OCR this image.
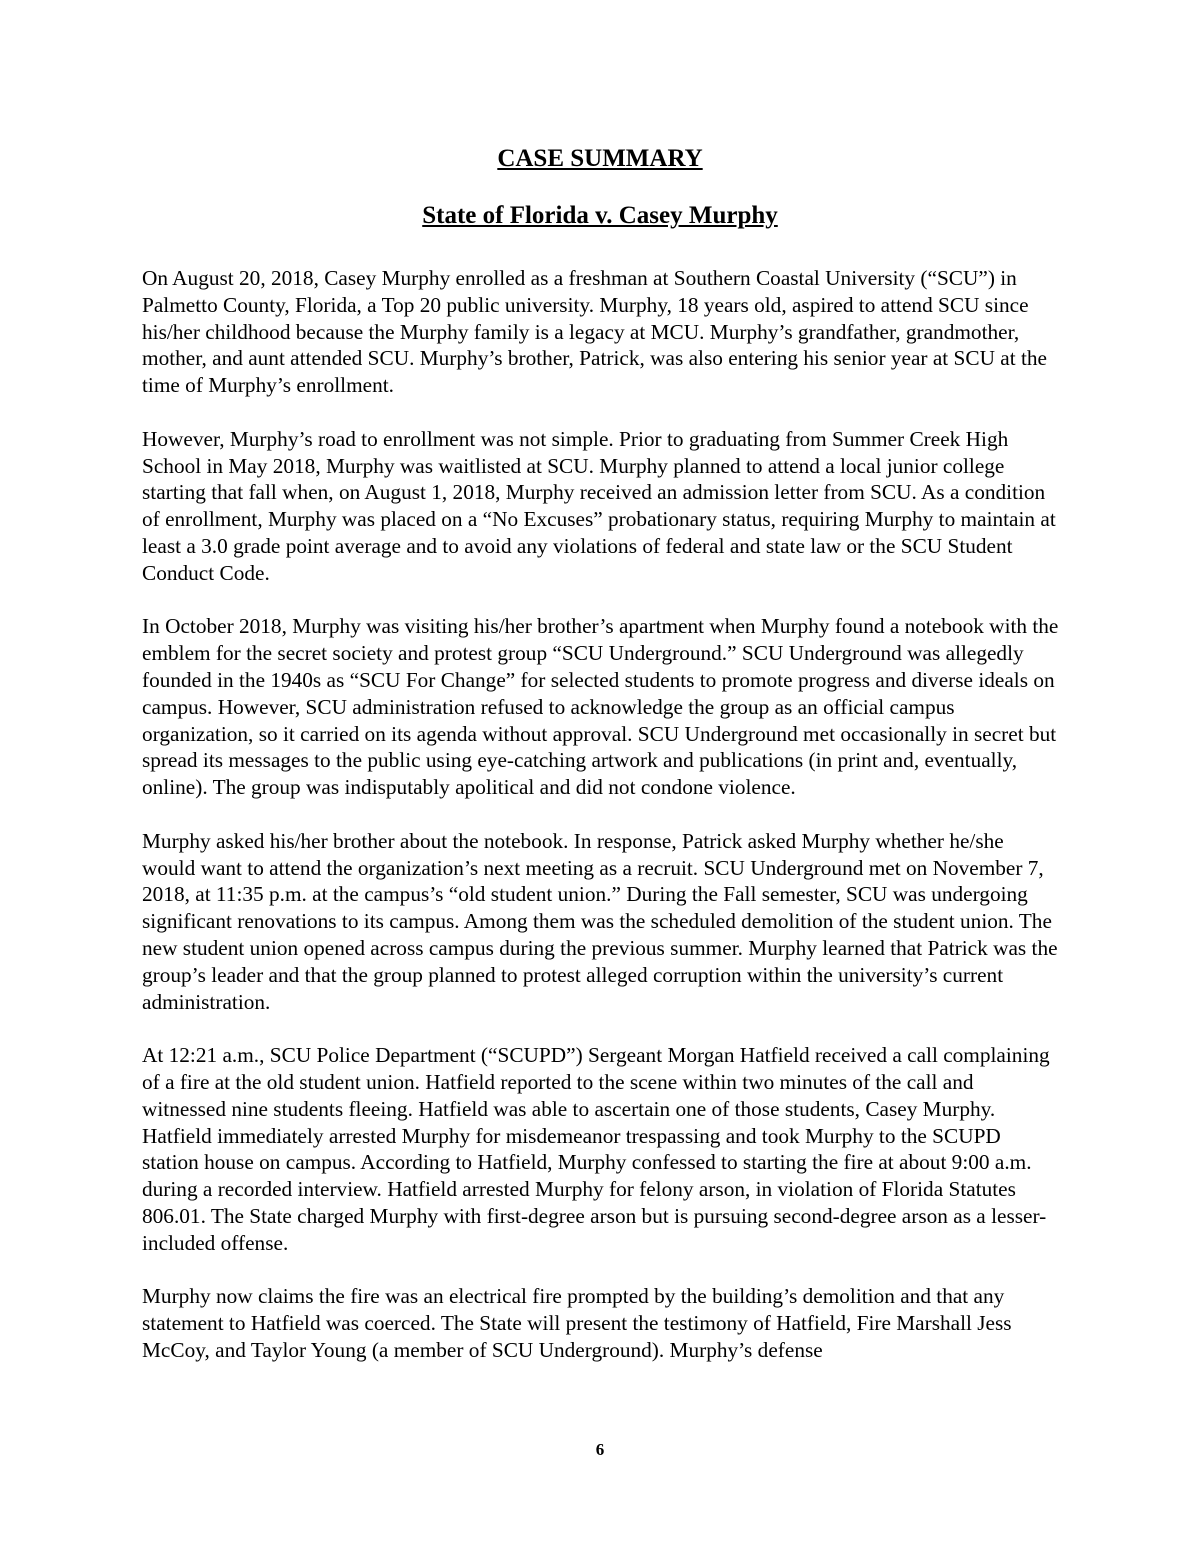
CASE SUMMARY
State of Florida v. Casey Murphy

On August 20, 2018, Casey Murphy enrolled as a freshman at Southern Coastal University (“SCU”) in Palmetto County, Florida, a Top 20 public university. Murphy, 18 years old, aspired to attend SCU since his/her childhood because the Murphy family is a legacy at MCU. Murphy’s grandfather, grandmother, mother, and aunt attended SCU. Murphy’s brother, Patrick, was also entering his senior year at SCU at the time of Murphy’s enrollment.

However, Murphy’s road to enrollment was not simple. Prior to graduating from Summer Creek High School in May 2018, Murphy was waitlisted at SCU. Murphy planned to attend a local junior college starting that fall when, on August 1, 2018, Murphy received an admission letter from SCU. As a condition of enrollment, Murphy was placed on a “No Excuses” probationary status, requiring Murphy to maintain at least a 3.0 grade point average and to avoid any violations of federal and state law or the SCU Student Conduct Code.

In October 2018, Murphy was visiting his/her brother’s apartment when Murphy found a notebook with the emblem for the secret society and protest group “SCU Underground.” SCU Underground was allegedly founded in the 1940s as “SCU For Change” for selected students to promote progress and diverse ideals on campus. However, SCU administration refused to acknowledge the group as an official campus organization, so it carried on its agenda without approval. SCU Underground met occasionally in secret but spread its messages to the public using eye-catching artwork and publications (in print and, eventually, online). The group was indisputably apolitical and did not condone violence.

Murphy asked his/her brother about the notebook. In response, Patrick asked Murphy whether he/she would want to attend the organization’s next meeting as a recruit. SCU Underground met on November 7, 2018, at 11:35 p.m. at the campus’s “old student union.” During the Fall semester, SCU was undergoing significant renovations to its campus. Among them was the scheduled demolition of the student union. The new student union opened across campus during the previous summer. Murphy learned that Patrick was the group’s leader and that the group planned to protest alleged corruption within the university’s current administration.

At 12:21 a.m., SCU Police Department (“SCUPD”) Sergeant Morgan Hatfield received a call complaining of a fire at the old student union. Hatfield reported to the scene within two minutes of the call and witnessed nine students fleeing. Hatfield was able to ascertain one of those students, Casey Murphy. Hatfield immediately arrested Murphy for misdemeanor trespassing and took Murphy to the SCUPD station house on campus. According to Hatfield, Murphy confessed to starting the fire at about 9:00 a.m. during a recorded interview. Hatfield arrested Murphy for felony arson, in violation of Florida Statutes 806.01. The State charged Murphy with first-degree arson but is pursuing second-degree arson as a lesser-included offense.

Murphy now claims the fire was an electrical fire prompted by the building’s demolition and that any statement to Hatfield was coerced. The State will present the testimony of Hatfield, Fire Marshall Jess McCoy, and Taylor Young (a member of SCU Underground). Murphy’s defense

6
